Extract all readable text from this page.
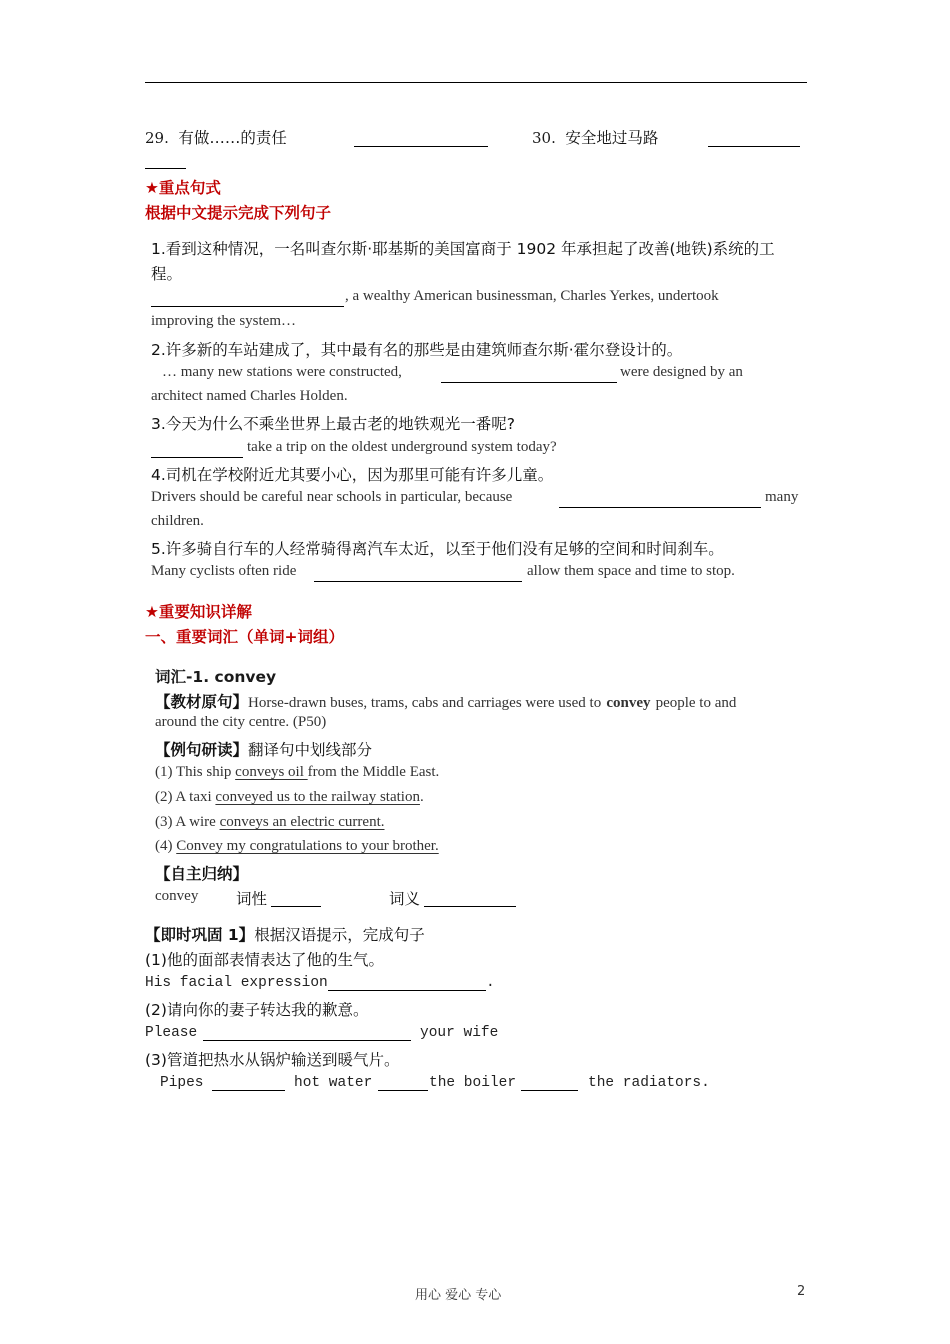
29. 有做……的责任	30. 安全地过马路
★重点句式
根据中文提示完成下列句子
1.看到这种情况，一名叫查尔斯·耶基斯的美国富商于 1902 年承担起了改善(地铁)系统的工
程。
, a wealthy American businessman, Charles Yerkes, undertook
improving the system…
2.许多新的车站建成了，其中最有名的那些是由建筑师查尔斯·霍尔登设计的。
… many new stations were constructed,	were designed by an
architect named Charles Holden.
3.今天为什么不乘坐世界上最古老的地铁观光一番呢?
take a trip on the oldest underground system today?
4.司机在学校附近尤其要小心，因为那里可能有许多儿童。
Drivers should be careful near schools in particular, because	many
children.
5.许多骑自行车的人经常骑得离汽车太近，以至于他们没有足够的空间和时间刹车。
Many cyclists often ride	allow them space and time to stop.
★重要知识详解
一、重要词汇（单词+词组）
词汇-1. convey
【教材原句】Horse-drawn buses, trams, cabs and carriages were used to convey people to and
around the city centre. (P50)
【例句研读】翻译句中划线部分
(1) This ship conveys oil from the Middle East.
(2) A taxi conveyed us to the railway station.
(3) A wire conveys an electric current.
(4) Convey my congratulations to your brother.
【自主归纳】
convey 词性	词义
【即时巩固 1】根据汉语提示，完成句子
(1)他的面部表情表达了他的生气。
His facial expression	.
(2)请向你的妻子转达我的歉意。
Please	your wife
(3)管道把热水从锅炉输送到暖气片。
Pipes	hot water	the boiler	the radiators.
用心 爱心 专心	2
